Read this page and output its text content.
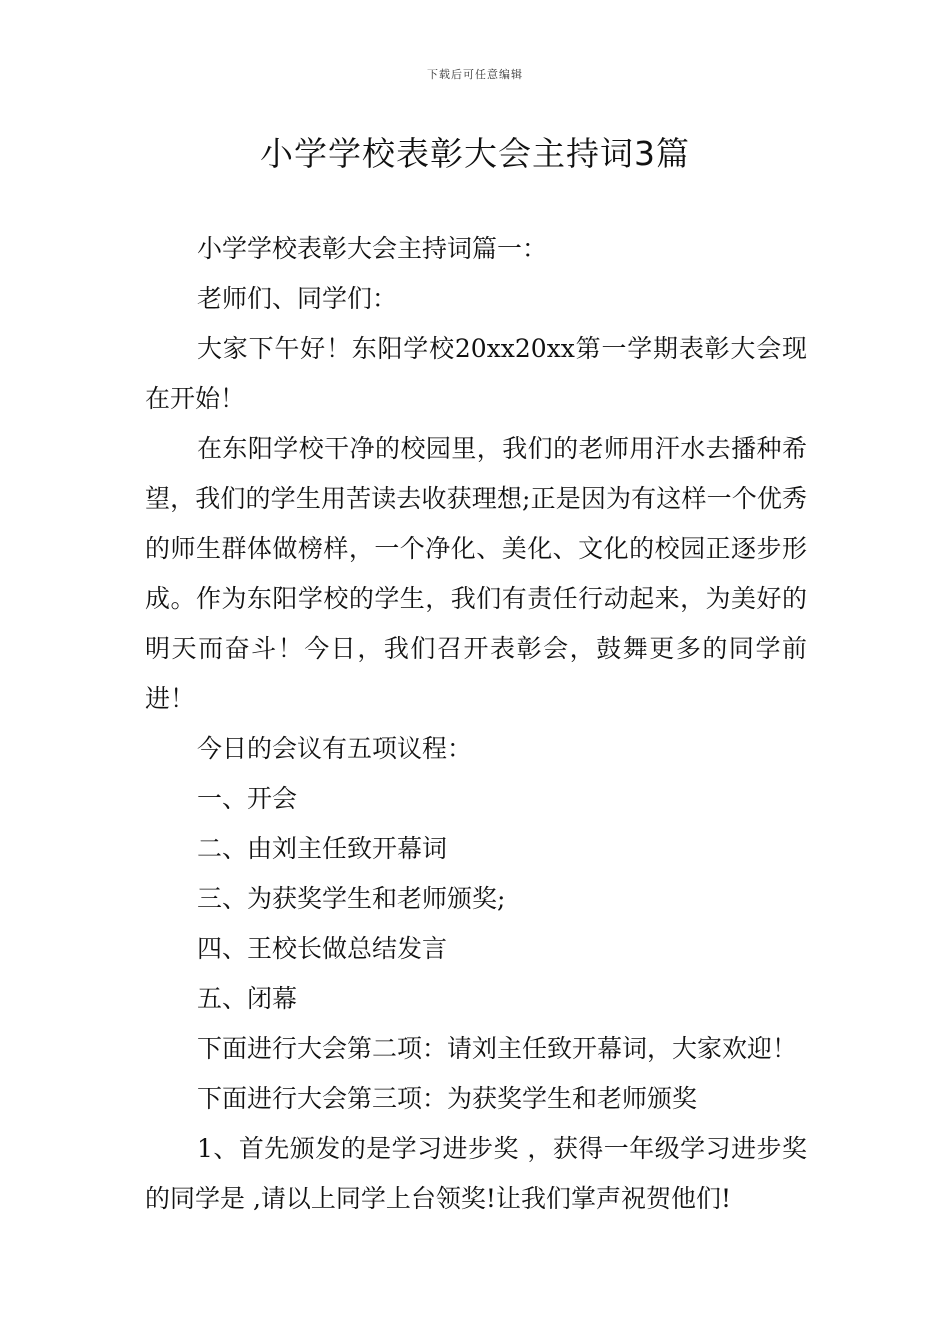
下载后可任意编辑
小学学校表彰大会主持词3篇

小学学校表彰大会主持词篇一：

老师们、同学们：

大家下午好！东阳学校20xx20xx第一学期表彰大会现在开始！

在东阳学校干净的校园里，我们的老师用汗水去播种希望，我们的学生用苦读去收获理想;正是因为有这样一个优秀的师生群体做榜样，一个净化、美化、文化的校园正逐步形成。作为东阳学校的学生，我们有责任行动起来，为美好的明天而奋斗！今日，我们召开表彰会，鼓舞更多的同学前进！

今日的会议有五项议程：

一、开会

二、由刘主任致开幕词

三、为获奖学生和老师颁奖;

四、王校长做总结发言

五、闭幕

下面进行大会第二项：请刘主任致开幕词，大家欢迎！

下面进行大会第三项：为获奖学生和老师颁奖

1、首先颁发的是学习进步奖 ，获得一年级学习进步奖的同学是 ,请以上同学上台领奖!让我们掌声祝贺他们!
